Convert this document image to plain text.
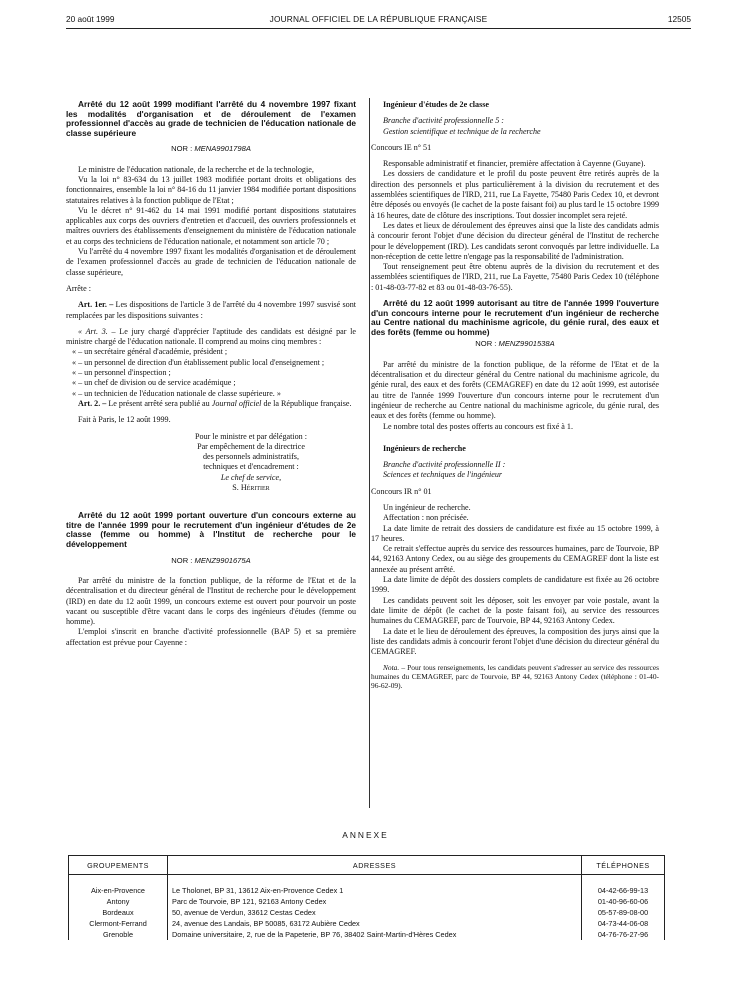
20 août 1999	JOURNAL OFFICIEL DE LA RÉPUBLIQUE FRANÇAISE	12505

Arrêté du 12 août 1999 modifiant l'arrêté du 4 novembre 1997 fixant les modalités d'organisation et de déroulement de l'examen professionnel d'accès au grade de technicien de l'éducation nationale de classe supérieure

NOR : MENA9901798A

Le ministre de l'éducation nationale, de la recherche et de la technologie,

Vu la loi n° 83-634 du 13 juillet 1983 modifiée portant droits et obligations des fonctionnaires, ensemble la loi n° 84-16 du 11 janvier 1984 modifiée portant dispositions statutaires relatives à la fonction publique de l'Etat ;

Vu le décret n° 91-462 du 14 mai 1991 modifié portant dispositions statutaires applicables aux corps des ouvriers d'entretien et d'accueil, des ouvriers professionnels et maîtres ouvriers des établissements d'enseignement du ministère de l'éducation nationale et au corps des techniciens de l'éducation nationale, et notamment son article 70 ;

Vu l'arrêté du 4 novembre 1997 fixant les modalités d'organisation et de déroulement de l'examen professionnel d'accès au grade de technicien de l'éducation nationale de classe supérieure,

Arrête :

Art. 1er. – Les dispositions de l'article 3 de l'arrêté du 4 novembre 1997 susvisé sont remplacées par les dispositions suivantes :

« Art. 3. – Le jury chargé d'apprécier l'aptitude des candidats est désigné par le ministre chargé de l'éducation nationale. Il comprend au moins cinq membres :

« – un secrétaire général d'académie, président ;

« – un personnel de direction d'un établissement public local d'enseignement ;

« – un personnel d'inspection ;

« – un chef de division ou de service académique ;

« – un technicien de l'éducation nationale de classe supérieure. »

Art. 2. – Le présent arrêté sera publié au Journal officiel de la République française.

Fait à Paris, le 12 août 1999.

Pour le ministre et par délégation :

Par empêchement de la directrice

des personnels administratifs,

techniques et d'encadrement :

Le chef de service,

S. Héritier

Arrêté du 12 août 1999 portant ouverture d'un concours externe au titre de l'année 1999 pour le recrutement d'un ingénieur d'études de 2e classe (femme ou homme) à l'Institut de recherche pour le développement

NOR : MENZ9901675A

Par arrêté du ministre de la fonction publique, de la réforme de l'Etat et de la décentralisation et du directeur général de l'Institut de recherche pour le développement (IRD) en date du 12 août 1999, un concours externe est ouvert pour pourvoir un poste vacant ou susceptible d'être vacant dans le corps des ingénieurs d'études (femme ou homme).

L'emploi s'inscrit en branche d'activité professionnelle (BAP 5) et sa première affectation est prévue pour Cayenne :

Ingénieur d'études de 2e classe

Branche d'activité professionnelle 5 :

Gestion scientifique et technique de la recherche

Concours IE n° 51

Responsable administratif et financier, première affectation à Cayenne (Guyane).

Les dossiers de candidature et le profil du poste peuvent être retirés auprès de la direction des personnels et plus particulièrement à la division du recrutement et des assemblées scientifiques de l'IRD, 211, rue La Fayette, 75480 Paris Cedex 10, et devront être déposés ou envoyés (le cachet de la poste faisant foi) au plus tard le 15 octobre 1999 à 16 heures, date de clôture des inscriptions. Tout dossier incomplet sera rejeté.

Les dates et lieux de déroulement des épreuves ainsi que la liste des candidats admis à concourir feront l'objet d'une décision du directeur général de l'Institut de recherche pour le développement (IRD). Les candidats seront convoqués par lettre individuelle. La non-réception de cette lettre n'engage pas la responsabilité de l'administration.

Tout renseignement peut être obtenu auprès de la division du recrutement et des assemblées scientifiques de l'IRD, 211, rue La Fayette, 75480 Paris Cedex 10 (téléphone : 01-48-03-77-82 et 83 ou 01-48-03-76-55).

Arrêté du 12 août 1999 autorisant au titre de l'année 1999 l'ouverture d'un concours interne pour le recrutement d'un ingénieur de recherche au Centre national du machinisme agricole, du génie rural, des eaux et des forêts (femme ou homme)

NOR : MENZ9901538A

Par arrêté du ministre de la fonction publique, de la réforme de l'Etat et de la décentralisation et du directeur général du Centre national du machinisme agricole, du génie rural, des eaux et des forêts (CEMAGREF) en date du 12 août 1999, est autorisée au titre de l'année 1999 l'ouverture d'un concours interne pour le recrutement d'un ingénieur de recherche au Centre national du machinisme agricole, du génie rural, des eaux et des forêts (femme ou homme).

Le nombre total des postes offerts au concours est fixé à 1.

Ingénieurs de recherche

Branche d'activité professionnelle II :

Sciences et techniques de l'ingénieur

Concours IR n° 01

Un ingénieur de recherche.

Affectation : non précisée.

La date limite de retrait des dossiers de candidature est fixée au 15 octobre 1999, à 17 heures.

Ce retrait s'effectue auprès du service des ressources humaines, parc de Tourvoie, BP 44, 92163 Antony Cedex, ou au siège des groupements du CEMAGREF dont la liste est annexée au présent arrêté.

La date limite de dépôt des dossiers complets de candidature est fixée au 26 octobre 1999.

Les candidats peuvent soit les déposer, soit les envoyer par voie postale, avant la date limite de dépôt (le cachet de la poste faisant foi), au service des ressources humaines du CEMAGREF, parc de Tourvoie, BP 44, 92163 Antony Cedex.

La date et le lieu de déroulement des épreuves, la composition des jurys ainsi que la liste des candidats admis à concourir feront l'objet d'une décision du directeur général du CEMAGREF.

Nota. – Pour tous renseignements, les candidats peuvent s'adresser au service des ressources humaines du CEMAGREF, parc de Tourvoie, BP 44, 92163 Antony Cedex (téléphone : 01-40-96-62-09).

ANNEXE
GROUPEMENTS	ADRESSES	TÉLÉPHONES
Aix-en-Provence	Le Tholonet, BP 31, 13612 Aix-en-Provence Cedex 1	04-42-66-99-13
Antony	Parc de Tourvoie, BP 121, 92163 Antony Cedex	01-40-96-60-06
Bordeaux	50, avenue de Verdun, 33612 Cestas Cedex	05-57-89-08-00
Clermont-Ferrand	24, avenue des Landais, BP 50085, 63172 Aubière Cedex	04-73-44-06-08
Grenoble	Domaine universitaire, 2, rue de la Papeterie, BP 76, 38402 Saint-Martin-d'Hères Cedex	04-76-76-27-96
